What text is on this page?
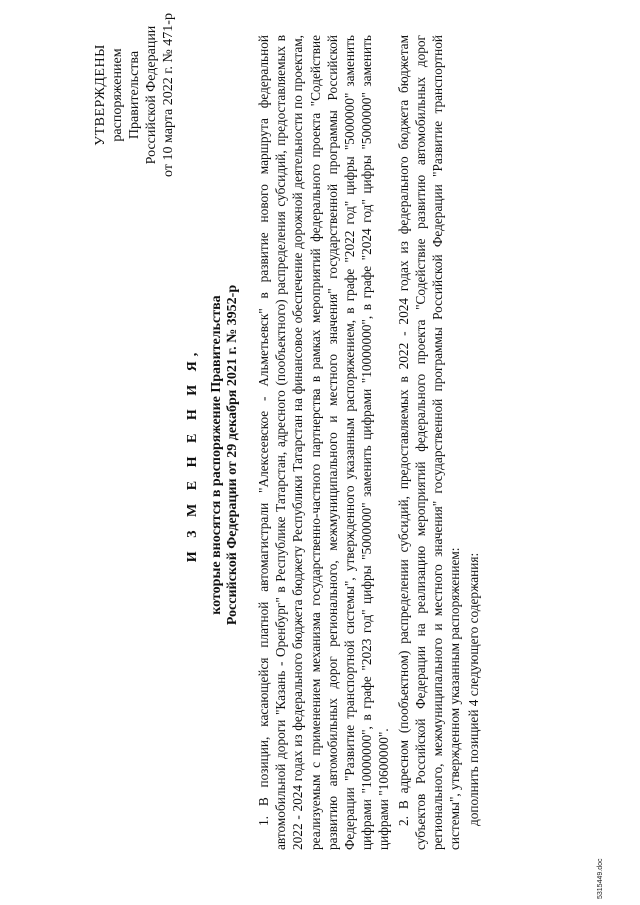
УТВЕРЖДЕНЫ распоряжением Правительства Российской Федерации от 10 марта 2022 г. № 471-р
И З М Е Н Е Н И Я, которые вносятся в распоряжение Правительства Российской Федерации от 29 декабря 2021 г. № 3952-р 1. В позиции, касающейся платной автомагистрали "Алексеевское - Альметьевск" в развитие нового маршрута федеральной автомобильной дороги "Казань - Оренбург" в Республике Татарстан, адресного (пообъектного) распределения субсидий, предоставляемых в 2022 - 2024 годах из федерального бюджета бюджету Республики Татарстан на финансовое обеспечение дорожной деятельности по проектам, реализуемым с применением механизма государственно-частного партнерства в рамках мероприятий федерального проекта "Содействие развитию автомобильных дорог регионального, межмуниципального и местного значения" государственной программы Российской Федерации "Развитие транспортной системы", утвержденного указанным распоряжением, в графе "2022 год" цифры "5000000" заменить цифрами "10000000", в графе "2023 год" цифры "5000000" заменить цифрами "10000000", в графе "2024 год" цифры "5000000" заменить цифрами "10600000". 2. В адресном (пообъектном) распределении субсидий, предоставляемых в 2022 - 2024 годах из федерального бюджета бюджетам субъектов Российской Федерации на реализацию мероприятий федерального проекта "Содействие развитию автомобильных дорог регионального, межмуниципального и местного значения" государственной программы Российской Федерации "Развитие транспортной системы", утвержденном указанным распоряжением: дополнить позицией 4 следующего содержания:

5315449.doc
